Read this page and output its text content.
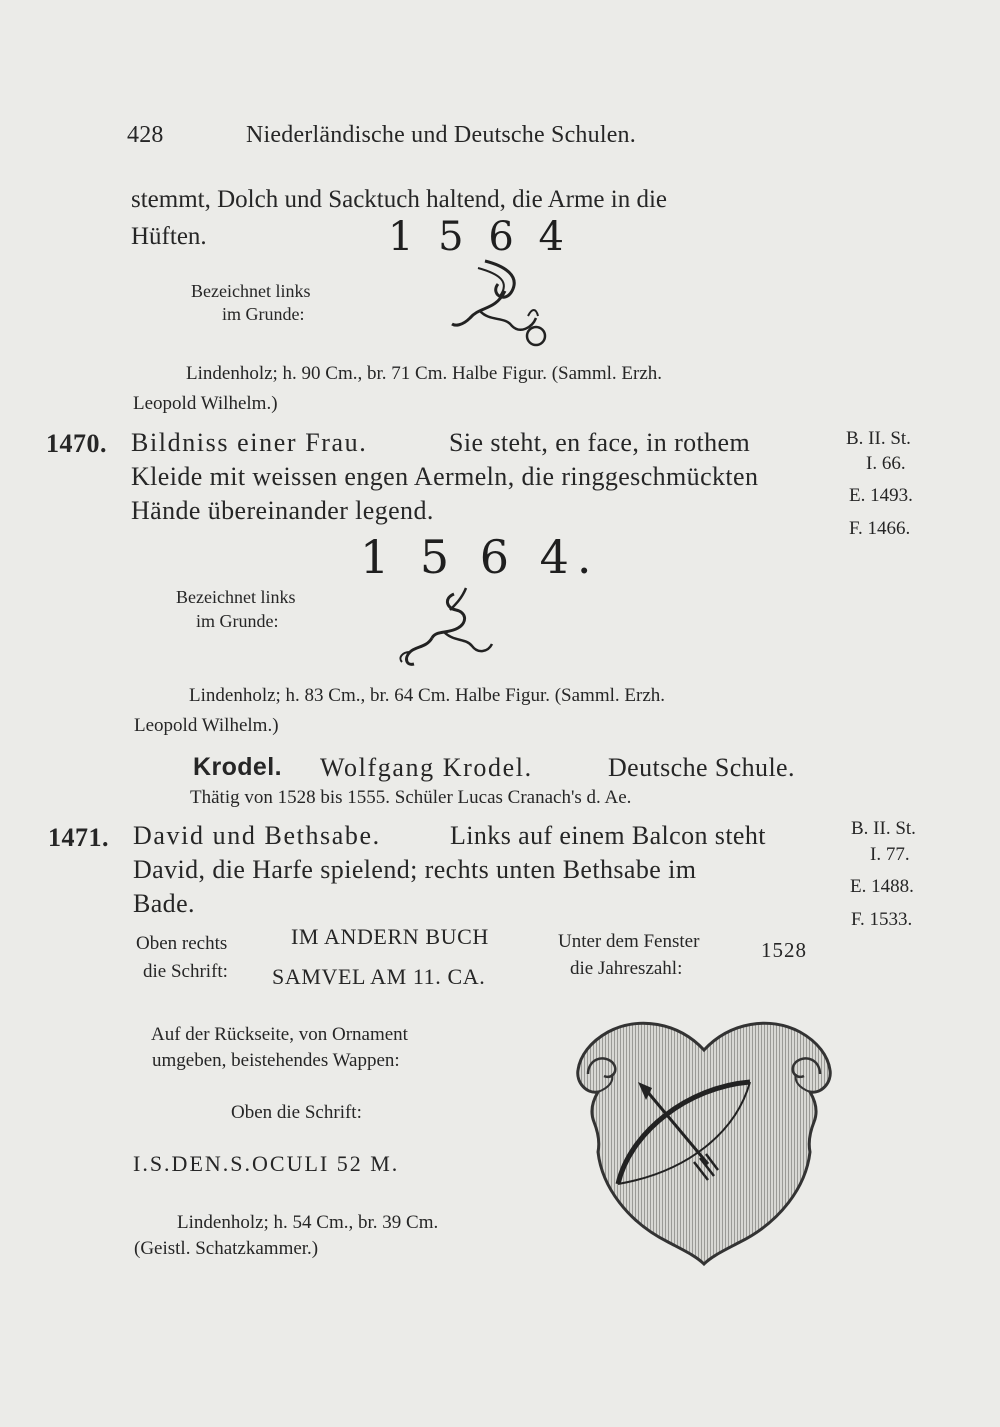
428	Niederländische und Deutsche Schulen.
stemmt, Dolch und Sacktuch haltend, die Arme in die
Hüften.	1 5 6 4
Bezeichnet links
im Grunde:
Lindenholz; h. 90 Cm., br. 71 Cm. Halbe Figur. (Samml. Erzh.
Leopold Wilhelm.)
1470. Bildniss einer Frau.	Sie steht, en face, in rothem
Kleide mit weissen engen Aermeln, die ringgeschmückten
Hände übereinander legend.
B. II. St.
I. 66.
E. 1493.
F. 1466.
1 5 6 4.
Bezeichnet links
im Grunde:
Lindenholz; h. 83 Cm., br. 64 Cm. Halbe Figur. (Samml. Erzh.
Leopold Wilhelm.)
Krodel. Wolfgang Krodel.	Deutsche Schule.
Thätig von 1528 bis 1555. Schüler Lucas Cranach's d. Ae.
1471. David und Bethsabe.	Links auf einem Balcon steht
David, die Harfe spielend; rechts unten Bethsabe im
Bade.
B. II. St.
I. 77.
E. 1488.
F. 1533.
Oben rechts
die Schrift:
IM ANDERN BUCH
SAMVEL AM 11. CA.
Unter dem Fenster
die Jahreszahl:
1528
Auf der Rückseite, von Ornament
umgeben, beistehendes Wappen:
Oben die Schrift:
I.S.DEN.S.OCULI 52 M.
Lindenholz; h. 54 Cm., br. 39 Cm.
(Geistl. Schatzkammer.)
